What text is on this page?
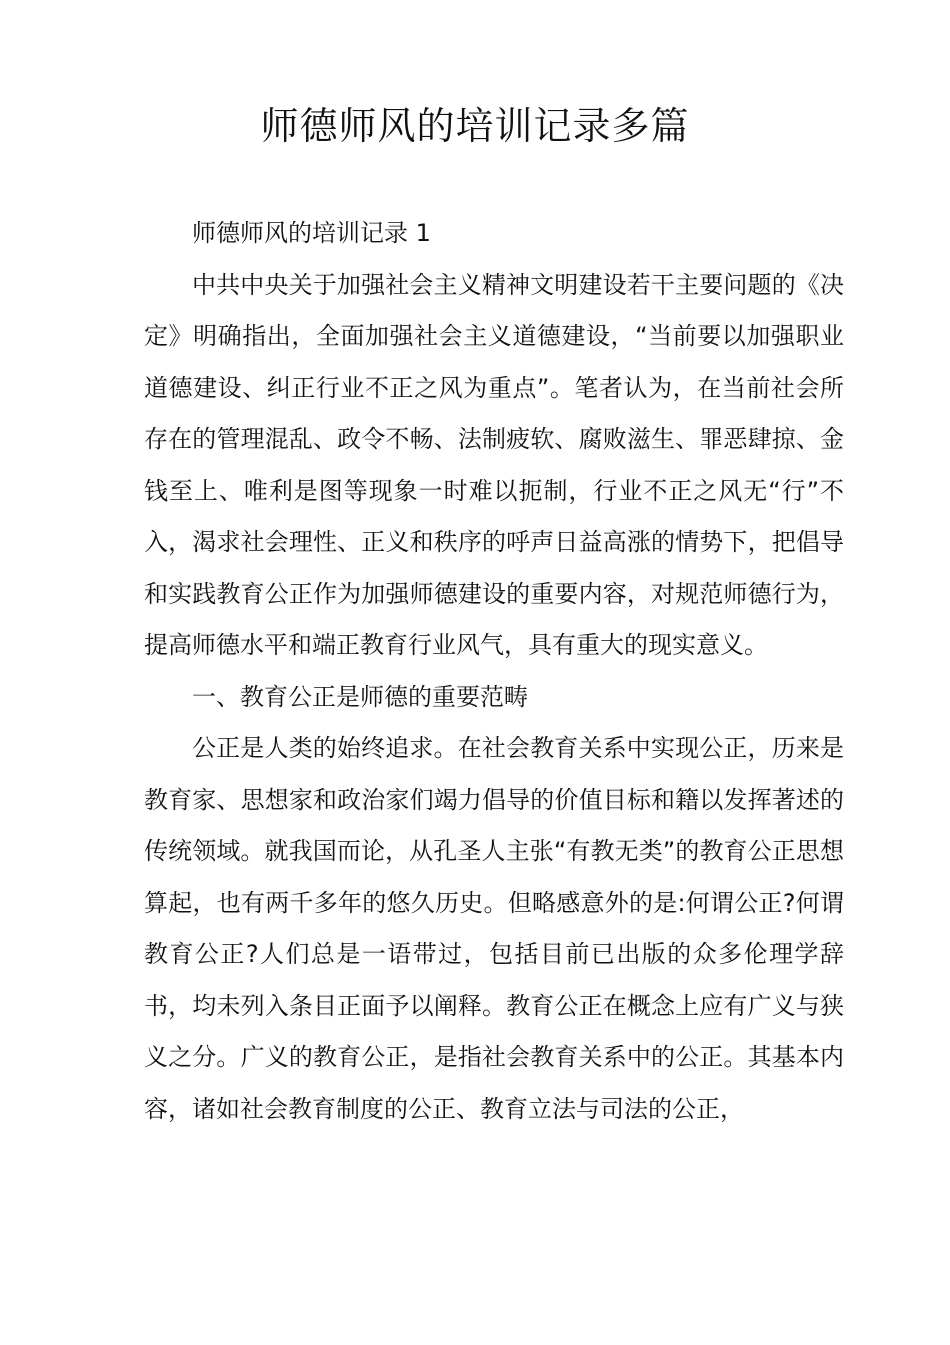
师德师风的培训记录多篇

师德师风的培训记录 1

中共中央关于加强社会主义精神文明建设若干主要问题的《决定》明确指出，全面加强社会主义道德建设，“当前要以加强职业道德建设、纠正行业不正之风为重点”。笔者认为，在当前社会所存在的管理混乱、政令不畅、法制疲软、腐败滋生、罪恶肆掠、金钱至上、唯利是图等现象一时难以扼制，行业不正之风无“行”不入，渴求社会理性、正义和秩序的呼声日益高涨的情势下，把倡导和实践教育公正作为加强师德建设的重要内容，对规范师德行为，提高师德水平和端正教育行业风气，具有重大的现实意义。

一、教育公正是师德的重要范畴

公正是人类的始终追求。在社会教育关系中实现公正，历来是教育家、思想家和政治家们竭力倡导的价值目标和籍以发挥著述的传统领域。就我国而论，从孔圣人主张“有教无类”的教育公正思想算起，也有两千多年的悠久历史。但略感意外的是:何谓公正?何谓教育公正?人们总是一语带过，包括目前已出版的众多伦理学辞书，均未列入条目正面予以阐释。教育公正在概念上应有广义与狭义之分。广义的教育公正，是指社会教育关系中的公正。其基本内容，诸如社会教育制度的公正、教育立法与司法的公正，
